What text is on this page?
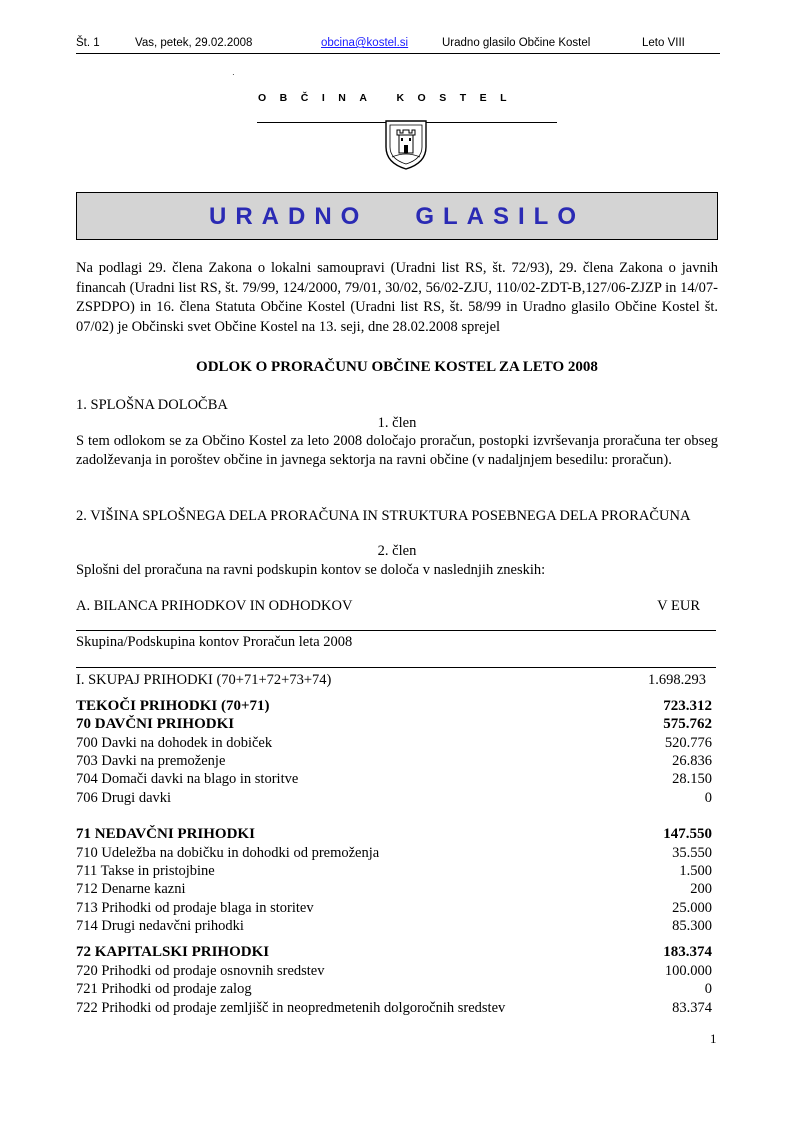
Št. 1	Vas, petek, 29.02.2008	obcina@kostel.si	Uradno glasilo Občine Kostel	Leto VIII
·
OBČINA KOSTEL
URADNO   GLASILO
Na podlagi 29. člena Zakona o lokalni samoupravi (Uradni list RS, št. 72/93), 29. člena Zakona o javnih financah (Uradni list RS, št. 79/99, 124/2000, 79/01, 30/02, 56/02-ZJU, 110/02-ZDT-B,127/06-ZJZP in 14/07-ZSPDPO) in 16. člena Statuta Občine Kostel (Uradni list RS, št. 58/99 in Uradno glasilo Občine Kostel št. 07/02) je Občinski svet Občine Kostel na 13. seji, dne 28.02.2008 sprejel
ODLOK O PRORAČUNU OBČINE KOSTEL ZA LETO 2008
1. SPLOŠNA DOLOČBA
1. člen
S tem odlokom se za Občino Kostel za leto 2008 določajo proračun, postopki izvrševanja proračuna ter obseg zadolževanja in poroštev občine in javnega sektorja na ravni občine (v nadaljnjem besedilu: proračun).
2. VIŠINA SPLOŠNEGA DELA PRORAČUNA IN STRUKTURA POSEBNEGA DELA PRORAČUNA
2. člen
Splošni del proračuna na ravni podskupin kontov se določa v naslednjih zneskih:
A. BILANCA PRIHODKOV IN ODHODKOV	V EUR
Skupina/Podskupina kontov Proračun leta 2008
I. SKUPAJ PRIHODKI (70+71+72+73+74)	1.698.293
TEKOČI PRIHODKI (70+71)	723.312
70 DAVČNI PRIHODKI	575.762
700 Davki na dohodek in dobiček	520.776
703 Davki na premoženje	26.836
704 Domači davki na blago in storitve	28.150
706 Drugi davki	0
71 NEDAVČNI PRIHODKI	147.550
710 Udeležba na dobičku in dohodki od premoženja	35.550
711 Takse in pristojbine	1.500
712 Denarne kazni	200
713 Prihodki od prodaje blaga in storitev	25.000
714 Drugi nedavčni prihodki	85.300
72 KAPITALSKI PRIHODKI	183.374
720 Prihodki od prodaje osnovnih sredstev	100.000
721 Prihodki od prodaje zalog	0
722 Prihodki od prodaje zemljišč in neopredmetenih dolgoročnih sredstev	83.374
1
